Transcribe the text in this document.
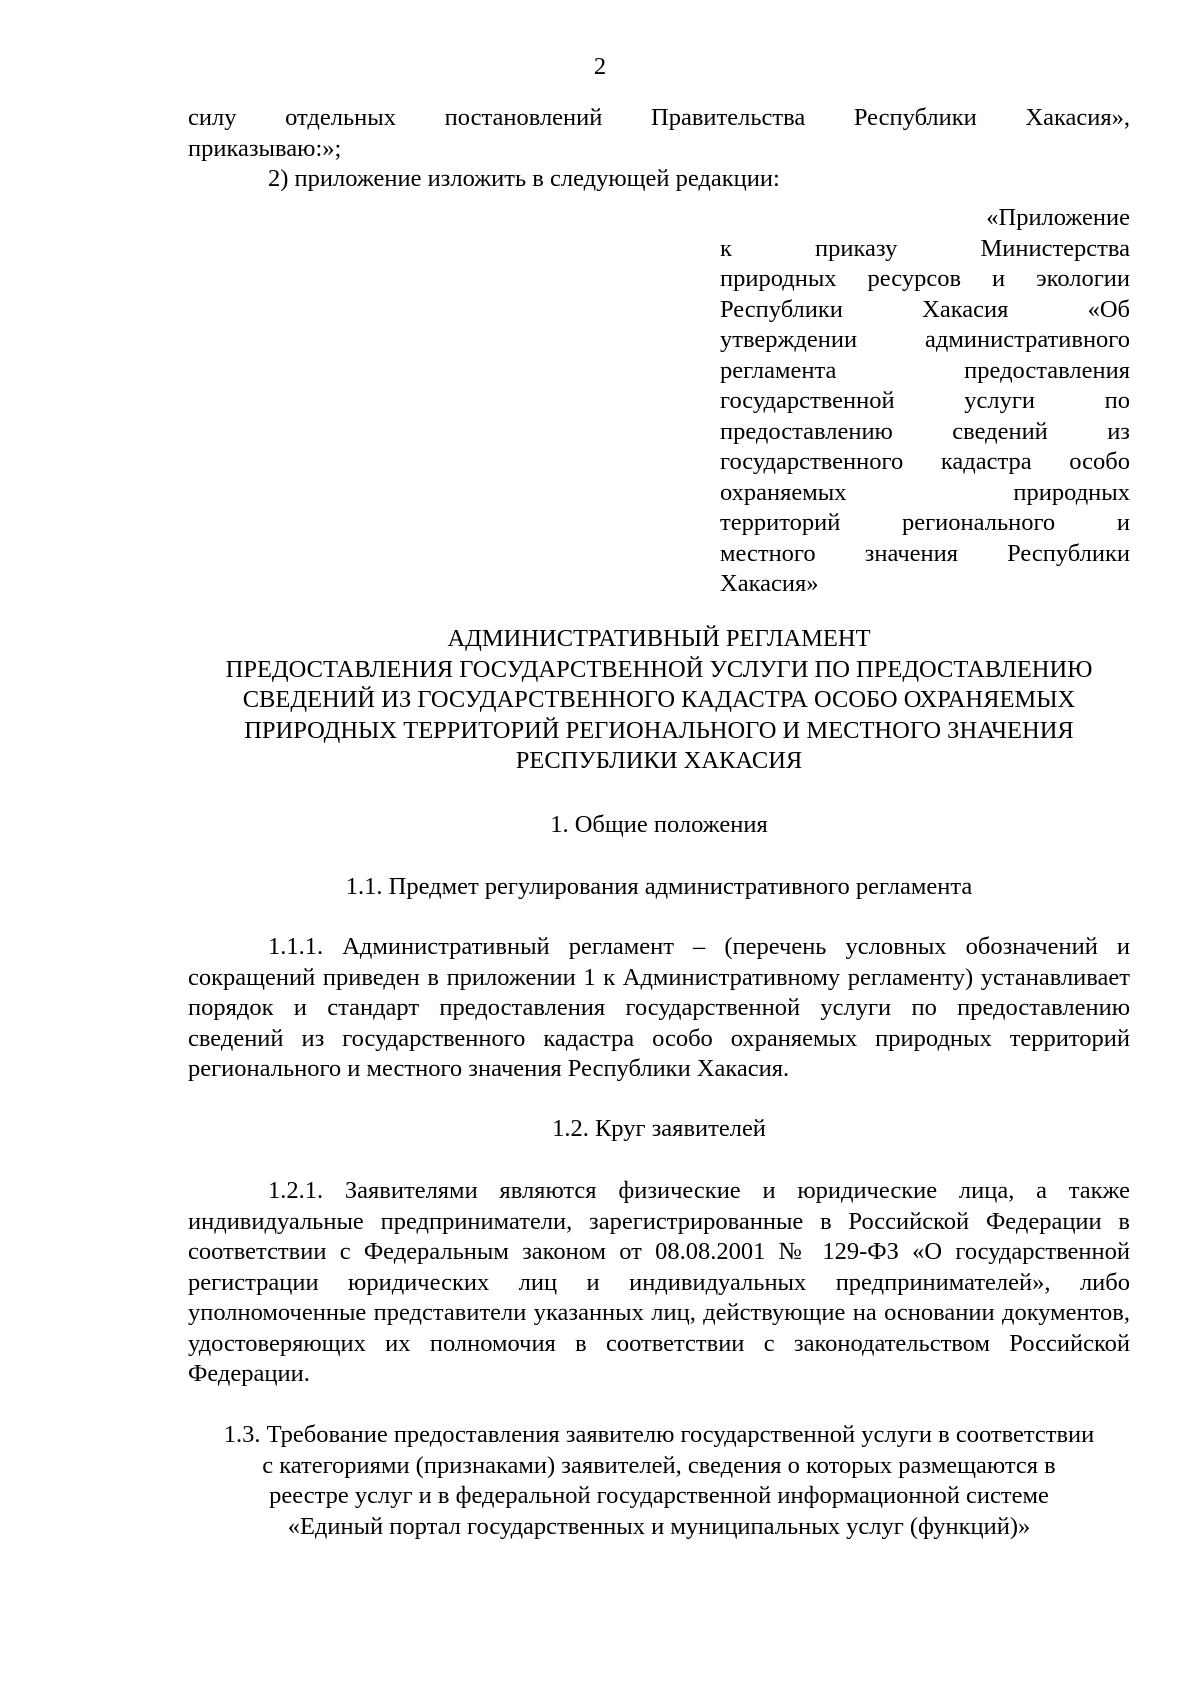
2

силу отдельных постановлений Правительства Республики Хакасия»,

приказываю:»;

2) приложение изложить в следующей редакции:

«Приложение

к приказу Министерства

природных ресурсов и экологии

Республики Хакасия «Об

утверждении административного

регламента предоставления

государственной услуги по

предоставлению сведений из

государственного кадастра особо

охраняемых природных

территорий регионального и

местного значения Республики

Хакасия»

АДМИНИСТРАТИВНЫЙ РЕГЛАМЕНТ

ПРЕДОСТАВЛЕНИЯ ГОСУДАРСТВЕННОЙ УСЛУГИ ПО ПРЕДОСТАВЛЕНИЮ

СВЕДЕНИЙ ИЗ ГОСУДАРСТВЕННОГО КАДАСТРА ОСОБО ОХРАНЯЕМЫХ

ПРИРОДНЫХ ТЕРРИТОРИЙ РЕГИОНАЛЬНОГО И МЕСТНОГО ЗНАЧЕНИЯ

РЕСПУБЛИКИ ХАКАСИЯ

1. Общие положения
1.1. Предмет регулирования административного регламента

1.1.1. Административный регламент – (перечень условных обозначений и сокращений приведен в приложении 1 к Административному регламенту) устанавливает порядок и стандарт предоставления государственной услуги по предоставлению сведений из государственного кадастра особо охраняемых природных территорий регионального и местного значения Республики Хакасия.

1.2. Круг заявителей

1.2.1. Заявителями являются физические и юридические лица, а также индивидуальные предприниматели, зарегистрированные в Российской Федерации в соответствии с Федеральным законом от 08.08.2001 № 129-ФЗ «О государственной регистрации юридических лиц и индивидуальных предпринимателей», либо уполномоченные представители указанных лиц, действующие на основании документов, удостоверяющих их полномочия в соответствии с законодательством Российской Федерации.

1.3. Требование предоставления заявителю государственной услуги в соответствии

с категориями (признаками) заявителей, сведения о которых размещаются в

реестре услуг и в федеральной государственной информационной системе

«Единый портал государственных и муниципальных услуг (функций)»
